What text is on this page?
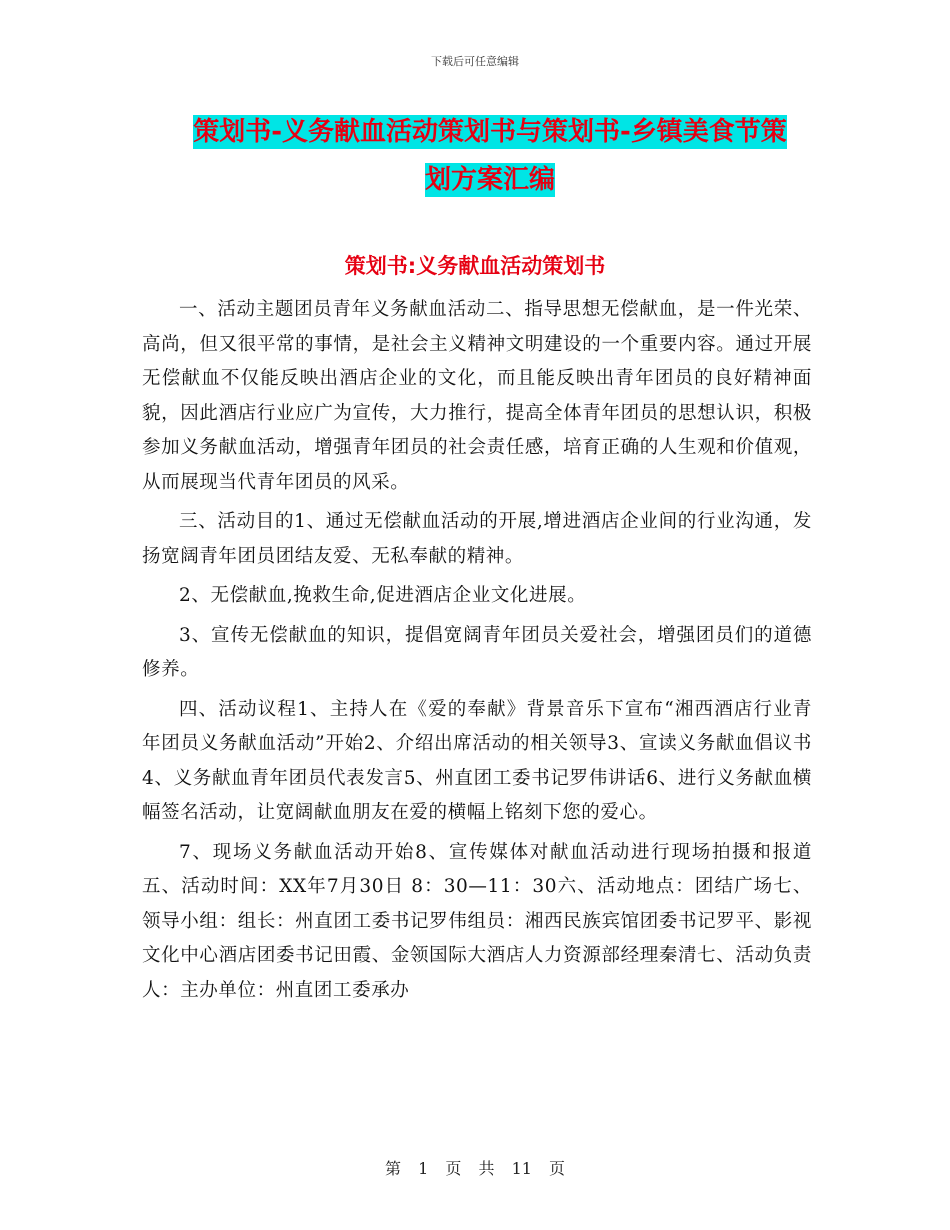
下载后可任意编辑
策划书-义务献血活动策划书与策划书-乡镇美食节策
划方案汇编
策划书:义务献血活动策划书

一、活动主题团员青年义务献血活动二、指导思想无偿献血，是一件光荣、高尚，但又很平常的事情，是社会主义精神文明建设的一个重要内容。通过开展无偿献血不仅能反映出酒店企业的文化，而且能反映出青年团员的良好精神面貌，因此酒店行业应广为宣传，大力推行，提高全体青年团员的思想认识，积极参加义务献血活动，增强青年团员的社会责任感，培育正确的人生观和价值观，从而展现当代青年团员的风采。

三、活动目的1、通过无偿献血活动的开展,增进酒店企业间的行业沟通，发扬宽阔青年团员团结友爱、无私奉献的精神。

2、无偿献血,挽救生命,促进酒店企业文化进展。

3、宣传无偿献血的知识，提倡宽阔青年团员关爱社会，增强团员们的道德修养。

四、活动议程1、主持人在《爱的奉献》背景音乐下宣布“湘西酒店行业青年团员义务献血活动”开始2、介绍出席活动的相关领导3、宣读义务献血倡议书4、义务献血青年团员代表发言5、州直团工委书记罗伟讲话6、进行义务献血横幅签名活动，让宽阔献血朋友在爱的横幅上铭刻下您的爱心。

7、现场义务献血活动开始8、宣传媒体对献血活动进行现场拍摄和报道五、活动时间：XX年7月30日 8：30—11：30六、活动地点：团结广场七、领导小组：组长：州直团工委书记罗伟组员：湘西民族宾馆团委书记罗平、影视文化中心酒店团委书记田霞、金领国际大酒店人力资源部经理秦清七、活动负责人：主办单位：州直团工委承办

第 1 页 共 11 页
